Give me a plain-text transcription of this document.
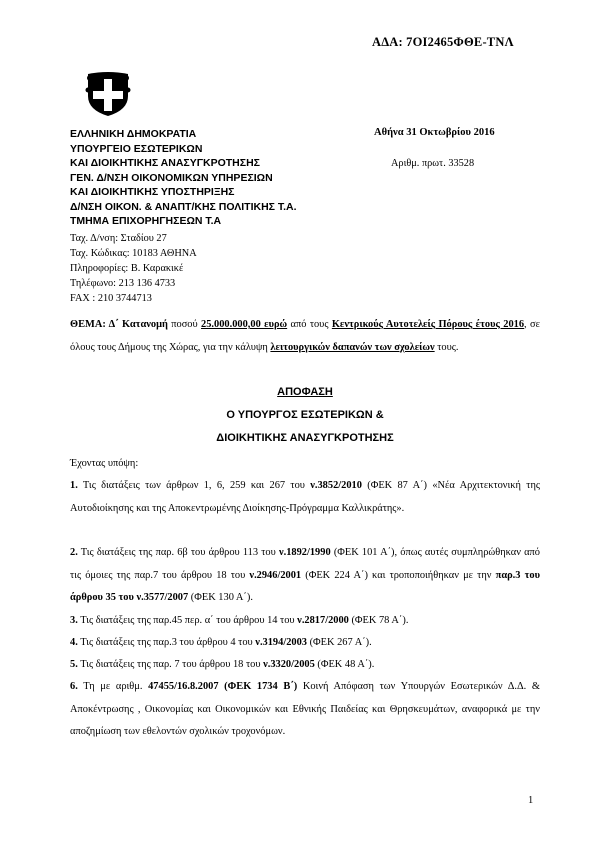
ΑΔΑ: 7ΟΙ2465ΦΘΕ-ΤΝΛ
ΕΛΛΗΝΙΚΗ ΔΗΜΟΚΡΑΤΙΑ
ΥΠΟΥΡΓΕΙΟ ΕΣΩΤΕΡΙΚΩΝ
ΚΑΙ ΔΙΟΙΚΗΤΙΚΗΣ ΑΝΑΣΥΓΚΡΟΤΗΣΗΣ
ΓΕΝ. Δ/ΝΣΗ ΟΙΚΟΝΟΜΙΚΩΝ ΥΠΗΡΕΣΙΩΝ
ΚΑΙ ΔΙΟΙΚΗΤΙΚΗΣ ΥΠΟΣΤΗΡΙΞΗΣ
Δ/ΝΣΗ ΟΙΚΟΝ. & ΑΝΑΠΤ/ΚΗΣ ΠΟΛΙΤΙΚΗΣ Τ.Α.
ΤΜΗΜΑ ΕΠΙΧΟΡΗΓΗΣΕΩΝ Τ.Α
Αθήνα 31 Οκτωβρίου 2016
Αριθμ. πρωτ. 33528
Ταχ. Δ/νση: Σταδίου 27
Ταχ. Κώδικας: 10183 ΑΘΗΝΑ
Πληροφορίες: Β. Καρακικέ
Τηλέφωνο: 213 136 4733
FAX : 210 3744713
ΘΕΜΑ: Δ΄ Κατανομή ποσού 25.000.000,00 ευρώ από τους Κεντρικούς Αυτοτελείς Πόρους έτους 2016, σε όλους τους Δήμους της Χώρας, για την κάλυψη λειτουργικών δαπανών των σχολείων τους.
ΑΠΟΦΑΣΗ
Ο ΥΠΟΥΡΓΟΣ ΕΣΩΤΕΡΙΚΩΝ &
ΔΙΟΙΚΗΤΙΚΗΣ ΑΝΑΣΥΓΚΡΟΤΗΣΗΣ
Έχοντας υπόψη:
1. Τις διατάξεις των άρθρων 1, 6, 259 και 267 του ν.3852/2010 (ΦΕΚ 87 Α΄) «Νέα Αρχιτεκτονική της Αυτοδιοίκησης και της Αποκεντρωμένης Διοίκησης-Πρόγραμμα Καλλικράτης».
2. Τις διατάξεις της παρ. 6β του άρθρου 113 του ν.1892/1990 (ΦΕΚ 101 Α΄), όπως αυτές συμπληρώθηκαν από τις όμοιες της παρ.7 του άρθρου 18 του ν.2946/2001 (ΦΕΚ 224 Α΄) και τροποποιήθηκαν με την παρ.3 του άρθρου 35 του ν.3577/2007 (ΦΕΚ 130 Α΄).
3. Τις διατάξεις της παρ.45 περ. α΄ του άρθρου 14 του ν.2817/2000 (ΦΕΚ 78 Α΄).
4. Τις διατάξεις της παρ.3 του άρθρου 4 του ν.3194/2003 (ΦΕΚ 267 Α΄).
5. Τις διατάξεις της παρ. 7 του άρθρου 18 του ν.3320/2005 (ΦΕΚ 48 Α΄).
6. Τη με αριθμ. 47455/16.8.2007 (ΦΕΚ 1734 Β΄) Κοινή Απόφαση των Υπουργών Εσωτερικών Δ.Δ. & Αποκέντρωσης , Οικονομίας και Οικονομικών και Εθνικής Παιδείας και Θρησκευμάτων, αναφορικά με την αποζημίωση των εθελοντών σχολικών τροχονόμων.
1
